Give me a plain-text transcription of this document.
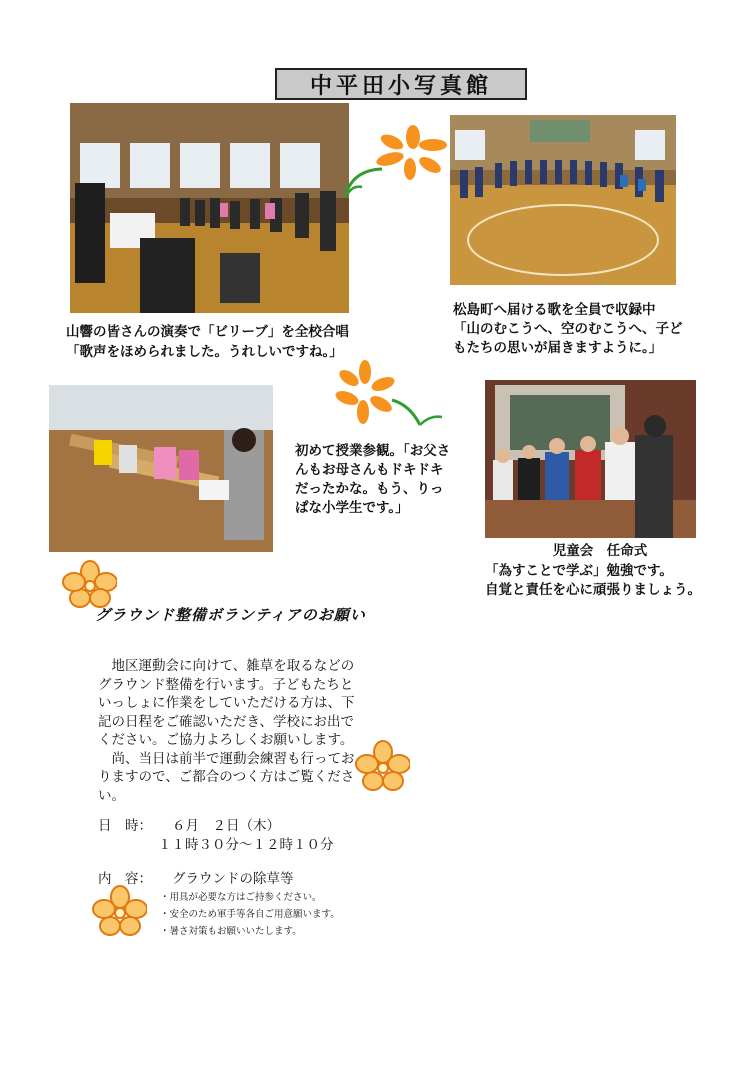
中平田小写真館
山響の皆さんの演奏で「ビリーブ」を全校合唱
「歌声をほめられました。うれしいですね。」
松島町へ届ける歌を全員で収録中
「山のむこうへ、空のむこうへ、子ど
もたちの思いが届きますように。」
初めて授業参観。「お父さ
んもお母さんもドキドキ
だったかな。もう、りっ
ぱな小学生です。」
児童会　任命式
「為すことで学ぶ」勉強です。
自覚と責任を心に頑張りましょう。
グラウンド整備ボランティアのお願い
　地区運動会に向けて、雑草を取るなどの
グラウンド整備を行います。子どもたちと
いっしょに作業をしていただける方は、下
記の日程をご確認いただき、学校にお出で
ください。ご協力よろしくお願いします。
　尚、当日は前半で運動会練習も行ってお
りますので、ご都合のつく方はご覧くださ
い。
日　時： ６月　２日（木）
１１時３０分～１２時１０分
内　容： グラウンドの除草等
・用具が必要な方はご持参ください。
・安全のため軍手等各自ご用意願います。
・暑さ対策もお願いいたします。
